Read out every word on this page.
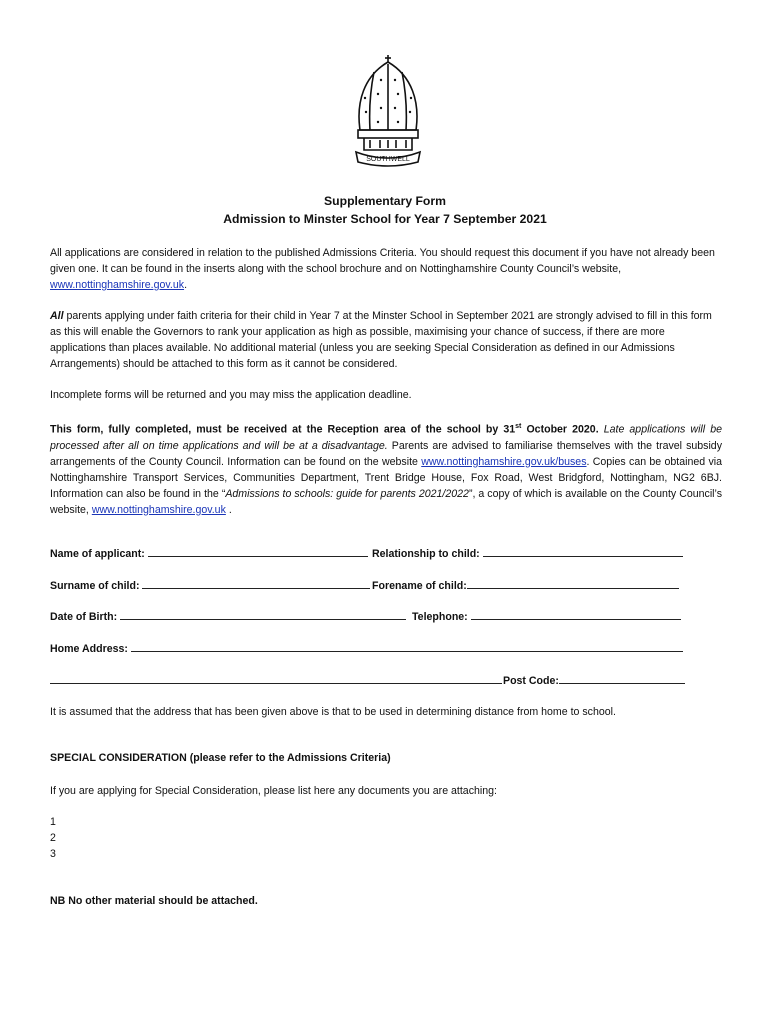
SOUTHWELL
Supplementary Form
Admission to Minster School for Year 7 September 2021
All applications are considered in relation to the published Admissions Criteria. You should request this document if you have not already been given one. It can be found in the inserts along with the school brochure and on Nottinghamshire County Council’s website, www.nottinghamshire.gov.uk.
All parents applying under faith criteria for their child in Year 7 at the Minster School in September 2021 are strongly advised to fill in this form as this will enable the Governors to rank your application as high as possible, maximising your chance of success, if there are more applications than places available. No additional material (unless you are seeking Special Consideration as defined in our Admissions Arrangements) should be attached to this form as it cannot be considered.
Incomplete forms will be returned and you may miss the application deadline.
This form, fully completed, must be received at the Reception area of the school by 31st October 2020. Late applications will be processed after all on time applications and will be at a disadvantage. Parents are advised to familiarise themselves with the travel subsidy arrangements of the County Council. Information can be found on the website www.nottinghamshire.gov.uk/buses. Copies can be obtained via Nottinghamshire Transport Services, Communities Department, Trent Bridge House, Fox Road, West Bridgford, Nottingham, NG2 6BJ. Information can also be found in the “Admissions to schools: guide for parents 2021/2022”, a copy of which is available on the County Council’s website, www.nottinghamshire.gov.uk .
Name of applicant:	Relationship to child:
Surname of child:	Forename of child:
Date of Birth:	Telephone:
Home Address:
Post Code:
It is assumed that the address that has been given above is that to be used in determining distance from home to school.
SPECIAL CONSIDERATION (please refer to the Admissions Criteria)
If you are applying for Special Consideration, please list here any documents you are attaching:
1
2
3
NB No other material should be attached.
